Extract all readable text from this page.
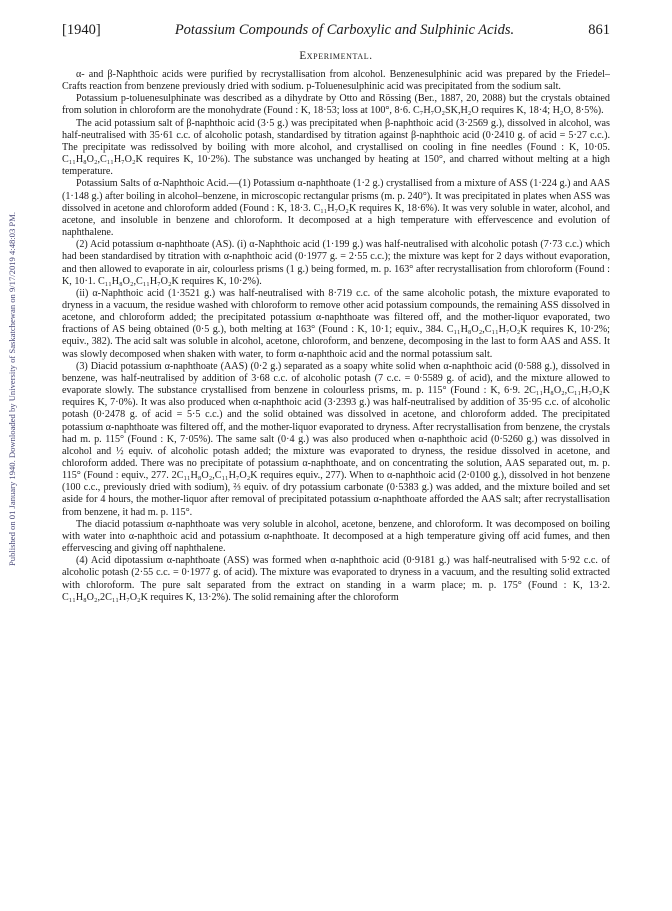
Published on 01 January 1940. Downloaded by University of Saskatchewan on 9/17/2019 4:48:03 PM.
[1940]	Potassium Compounds of Carboxylic and Sulphinic Acids.	861
Experimental.

α- and β-Naphthoic acids were purified by recrystallisation from alcohol. Benzenesulphinic acid was prepared by the Friedel–Crafts reaction from benzene previously dried with sodium. p-Toluenesulphinic acid was precipitated from the sodium salt.

Potassium p-toluenesulphinate was described as a dihydrate by Otto and Rössing (Ber., 1887, 20, 2088) but the crystals obtained from solution in chloroform are the monohydrate (Found : K, 18·53; loss at 100°, 8·6. C₇H₇O₂SK,H₂O requires K, 18·4; H₂O, 8·5%).

The acid potassium salt of β-naphthoic acid (3·5 g.) was precipitated when β-naphthoic acid (3·2569 g.), dissolved in alcohol, was half-neutralised with 35·61 c.c. of alcoholic potash, standardised by titration against β-naphthoic acid (0·2410 g. of acid = 5·27 c.c.). The precipitate was redissolved by boiling with more alcohol, and crystallised on cooling in fine needles (Found : K, 10·05. C₁₁H₈O₂,C₁₁H₇O₂K requires K, 10·2%). The substance was unchanged by heating at 150°, and charred without melting at a high temperature.

Potassium Salts of α-Naphthoic Acid.—(1) Potassium α-naphthoate (1·2 g.) crystallised from a mixture of ASS (1·224 g.) and AAS (1·148 g.) after boiling in alcohol–benzene, in microscopic rectangular prisms (m. p. 240°). It was precipitated in plates when ASS was dissolved in acetone and chloroform added (Found : K, 18·3. C₁₁H₇O₂K requires K, 18·6%). It was very soluble in water, alcohol, and acetone, and insoluble in benzene and chloroform. It decomposed at a high temperature with effervescence and evolution of naphthalene.

(2) Acid potassium α-naphthoate (AS). (i) α-Naphthoic acid (1·199 g.) was half-neutralised with alcoholic potash (7·73 c.c.) which had been standardised by titration with α-naphthoic acid (0·1977 g. = 2·55 c.c.); the mixture was kept for 2 days without evaporation, and then allowed to evaporate in air, colourless prisms (1 g.) being formed, m. p. 163° after recrystallisation from chloroform (Found : K, 10·1. C₁₁H₈O₂,C₁₁H₇O₂K requires K, 10·2%).

(ii) α-Naphthoic acid (1·3521 g.) was half-neutralised with 8·719 c.c. of the same alcoholic potash, the mixture evaporated to dryness in a vacuum, the residue washed with chloroform to remove other acid potassium compounds, the remaining ASS dissolved in acetone, and chloroform added; the precipitated potassium α-naphthoate was filtered off, and the mother-liquor evaporated, two fractions of AS being obtained (0·5 g.), both melting at 163° (Found : K, 10·1; equiv., 384. C₁₁H₈O₂,C₁₁H₇O₂K requires K, 10·2%; equiv., 382). The acid salt was soluble in alcohol, acetone, chloroform, and benzene, decomposing in the last to form AAS and ASS. It was slowly decomposed when shaken with water, to form α-naphthoic acid and the normal potassium salt.

(3) Diacid potassium α-naphthoate (AAS) (0·2 g.) separated as a soapy white solid when α-naphthoic acid (0·588 g.), dissolved in benzene, was half-neutralised by addition of 3·68 c.c. of alcoholic potash (7 c.c. = 0·5589 g. of acid), and the mixture allowed to evaporate slowly. The substance crystallised from benzene in colourless prisms, m. p. 115° (Found : K, 6·9. 2C₁₁H₈O₂,C₁₁H₇O₂K requires K, 7·0%). It was also produced when α-naphthoic acid (3·2393 g.) was half-neutralised by addition of 35·95 c.c. of alcoholic potash (0·2478 g. of acid = 5·5 c.c.) and the solid obtained was dissolved in acetone, and chloroform added. The precipitated potassium α-naphthoate was filtered off, and the mother-liquor evaporated to dryness. After recrystallisation from benzene, the crystals had m. p. 115° (Found : K, 7·05%). The same salt (0·4 g.) was also produced when α-naphthoic acid (0·5260 g.) was dissolved in alcohol and ½ equiv. of alcoholic potash added; the mixture was evaporated to dryness, the residue dissolved in acetone, and chloroform added. There was no precipitate of potassium α-naphthoate, and on concentrating the solution, AAS separated out, m. p. 115° (Found : equiv., 277. 2C₁₁H₈O₂,C₁₁H₇O₂K requires equiv., 277). When to α-naphthoic acid (2·0100 g.), dissolved in hot benzene (100 c.c., previously dried with sodium), ⅔ equiv. of dry potassium carbonate (0·5383 g.) was added, and the mixture boiled and set aside for 4 hours, the mother-liquor after removal of precipitated potassium α-naphthoate afforded the AAS salt; after recrystallisation from benzene, it had m. p. 115°.

The diacid potassium α-naphthoate was very soluble in alcohol, acetone, benzene, and chloroform. It was decomposed on boiling with water into α-naphthoic acid and potassium α-naphthoate. It decomposed at a high temperature giving off acid fumes, and then effervescing and giving off naphthalene.

(4) Acid dipotassium α-naphthoate (ASS) was formed when α-naphthoic acid (0·9181 g.) was half-neutralised with 5·92 c.c. of alcoholic potash (2·55 c.c. = 0·1977 g. of acid). The mixture was evaporated to dryness in a vacuum, and the resulting solid extracted with chloroform. The pure salt separated from the extract on standing in a warm place; m. p. 175° (Found : K, 13·2. C₁₁H₈O₂,2C₁₁H₇O₂K requires K, 13·2%). The solid remaining after the chloroform
